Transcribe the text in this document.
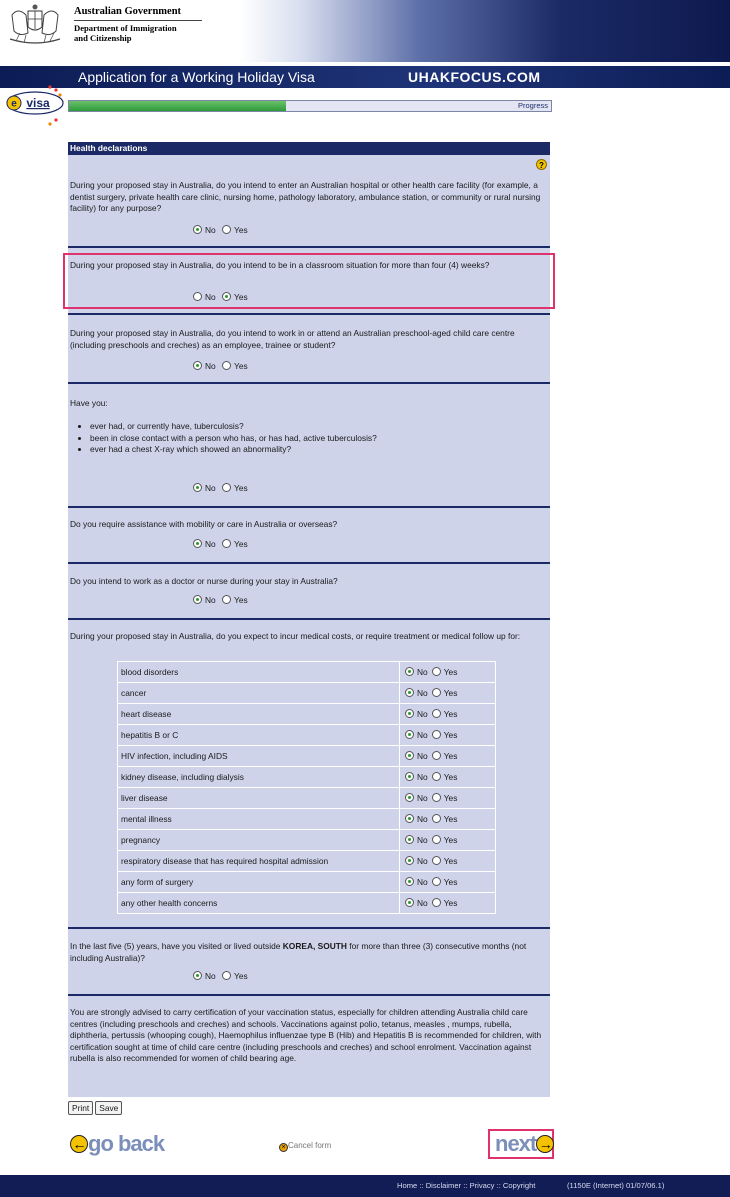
Australian Government
Department of Immigration
and Citizenship
Application for a Working Holiday Visa	UHAKFOCUS.COM
e visa	Progress
Health declarations
?
During your proposed stay in Australia, do you intend to enter an Australian hospital or other health care facility (for example, a dentist surgery, private health care clinic, nursing home, pathology laboratory, ambulance station, or community or rural nursing facility) for any purpose?
No Yes
During your proposed stay in Australia, do you intend to be in a classroom situation for more than four (4) weeks?
No Yes
During your proposed stay in Australia, do you intend to work in or attend an Australian preschool-aged child care centre (including preschools and creches) as an employee, trainee or student?
No Yes
Have you:
• ever had, or currently have, tuberculosis?
• been in close contact with a person who has, or has had, active tuberculosis?
• ever had a chest X-ray which showed an abnormality?
No Yes
Do you require assistance with mobility or care in Australia or overseas?
No Yes
Do you intend to work as a doctor or nurse during your stay in Australia?
No Yes
During your proposed stay in Australia, do you expect to incur medical costs, or require treatment or medical follow up for:
blood disorders	No Yes
cancer	No Yes
heart disease	No Yes
hepatitis B or C	No Yes
HIV infection, including AIDS	No Yes
kidney disease, including dialysis	No Yes
liver disease	No Yes
mental illness	No Yes
pregnancy	No Yes
respiratory disease that has required hospital admission	No Yes
any form of surgery	No Yes
any other health concerns	No Yes
In the last five (5) years, have you visited or lived outside KOREA, SOUTH for more than three (3) consecutive months (not including Australia)?
No Yes
You are strongly advised to carry certification of your vaccination status, especially for children attending Australia child care centres (including preschools and creches) and schools. Vaccinations against polio, tetanus, measles , mumps, rubella, diphtheria, pertussis (whooping cough), Haemophilus influenzae type B (Hib) and Hepatitis B is recommended for children, with certification sought at time of child care centre (including preschools and creches) and school enrolment. Vaccination against rubella is also recommended for women of child bearing age.
Print Save
← go back	× Cancel form	next →
Home :: Disclaimer :: Privacy :: Copyright	(1150E (Internet) 01/07/06.1)
